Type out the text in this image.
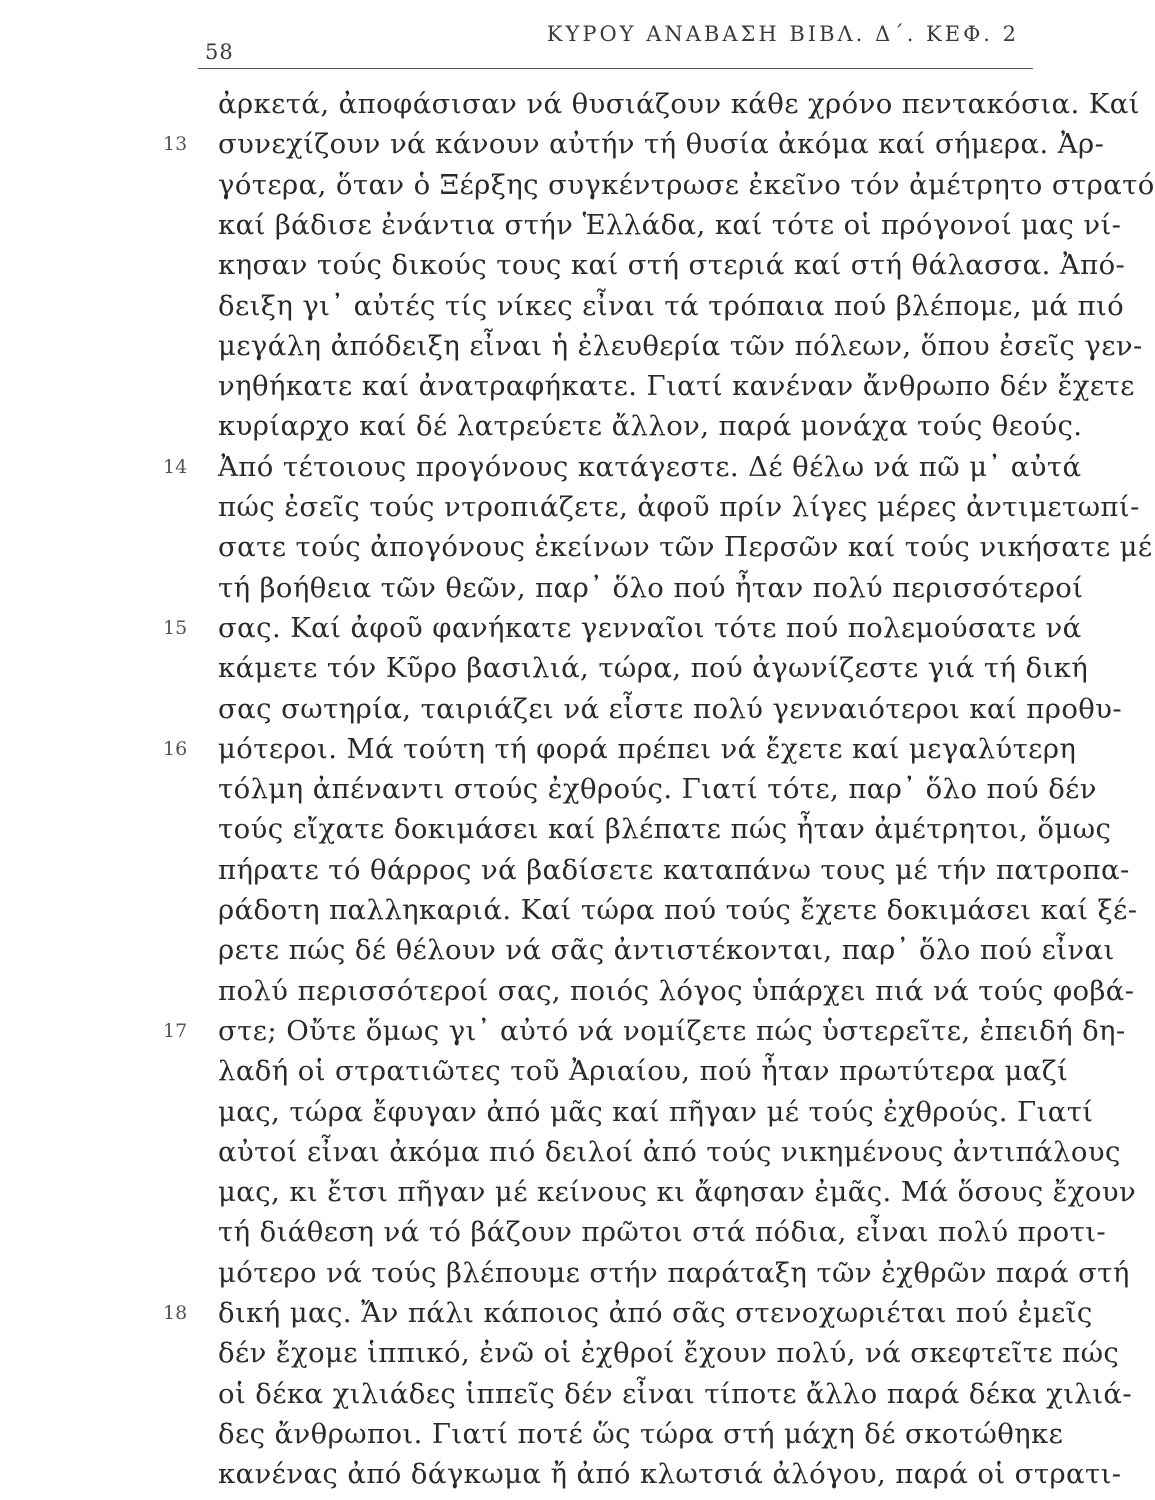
58
ΚΥΡΟΥ ΑΝΑΒΑΣΗ ΒΙΒΛ. Δ΄. ΚΕΦ. 2
ἀρκετά, ἀποφάσισαν νά θυσιάζουν κάθε χρόνο πεντακόσια. Καί
συνεχίζουν νά κάνουν αὐτήν τή θυσία ἀκόμα καί σήμερα. Ἀρ-
γότερα, ὅταν ὁ Ξέρξης συγκέντρωσε ἐκεῖνο τόν ἀμέτρητο στρατό
καί βάδισε ἐνάντια στήν Ἑλλάδα, καί τότε οἱ πρόγονοί μας νί-
κησαν τούς δικούς τους καί στή στεριά καί στή θάλασσα. Ἀπό-
δειξη γι᾽ αὐτές τίς νίκες εἶναι τά τρόπαια πού βλέπομε, μά πιό
μεγάλη ἀπόδειξη εἶναι ἡ ἐλευθερία τῶν πόλεων, ὅπου ἐσεῖς γεν-
νηθήκατε καί ἀνατραφήκατε. Γιατί κανέναν ἄνθρωπο δέν ἔχετε
κυρίαρχο καί δέ λατρεύετε ἄλλον, παρά μονάχα τούς θεούς.
Ἀπό τέτοιους προγόνους κατάγεστε. Δέ θέλω νά πῶ μ᾽ αὐτά
πώς ἐσεῖς τούς ντροπιάζετε, ἀφοῦ πρίν λίγες μέρες ἀντιμετωπί-
σατε τούς ἀπογόνους ἐκείνων τῶν Περσῶν καί τούς νικήσατε μέ
τή βοήθεια τῶν θεῶν, παρ᾽ ὅλο πού ἦταν πολύ περισσότεροί
σας. Καί ἀφοῦ φανήκατε γενναῖοι τότε πού πολεμούσατε νά
κάμετε τόν Κῦρο βασιλιά, τώρα, πού ἀγωνίζεστε γιά τή δική
σας σωτηρία, ταιριάζει νά εἶστε πολύ γενναιότεροι καί προθυ-
μότεροι. Μά τούτη τή φορά πρέπει νά ἔχετε καί μεγαλύτερη
τόλμη ἀπέναντι στούς ἐχθρούς. Γιατί τότε, παρ᾽ ὅλο πού δέν
τούς εἴχατε δοκιμάσει καί βλέπατε πώς ἦταν ἀμέτρητοι, ὅμως
πήρατε τό θάρρος νά βαδίσετε καταπάνω τους μέ τήν πατροπα-
ράδοτη παλληκαριά. Καί τώρα πού τούς ἔχετε δοκιμάσει καί ξέ-
ρετε πώς δέ θέλουν νά σᾶς ἀντιστέκονται, παρ᾽ ὅλο πού εἶναι
πολύ περισσότεροί σας, ποιός λόγος ὑπάρχει πιά νά τούς φοβά-
στε; Οὔτε ὅμως γι᾽ αὐτό νά νομίζετε πώς ὑστερεῖτε, ἐπειδή δη-
λαδή οἱ στρατιῶτες τοῦ Ἀριαίου, πού ἦταν πρωτύτερα μαζί
μας, τώρα ἔφυγαν ἀπό μᾶς καί πῆγαν μέ τούς ἐχθρούς. Γιατί
αὐτοί εἶναι ἀκόμα πιό δειλοί ἀπό τούς νικημένους ἀντιπάλους
μας, κι ἔτσι πῆγαν μέ κείνους κι ἄφησαν ἐμᾶς. Μά ὅσους ἔχουν
τή διάθεση νά τό βάζουν πρῶτοι στά πόδια, εἶναι πολύ προτι-
μότερο νά τούς βλέπουμε στήν παράταξη τῶν ἐχθρῶν παρά στή
δική μας. Ἄν πάλι κάποιος ἀπό σᾶς στενοχωριέται πού ἐμεῖς
δέν ἔχομε ἱππικό, ἐνῶ οἱ ἐχθροί ἔχουν πολύ, νά σκεφτεῖτε πώς
οἱ δέκα χιλιάδες ἱππεῖς δέν εἶναι τίποτε ἄλλο παρά δέκα χιλιά-
δες ἄνθρωποι. Γιατί ποτέ ὥς τώρα στή μάχη δέ σκοτώθηκε
κανένας ἀπό δάγκωμα ἤ ἀπό κλωτσιά ἀλόγου, παρά οἱ στρατι-
13
14
15
16
17
18
